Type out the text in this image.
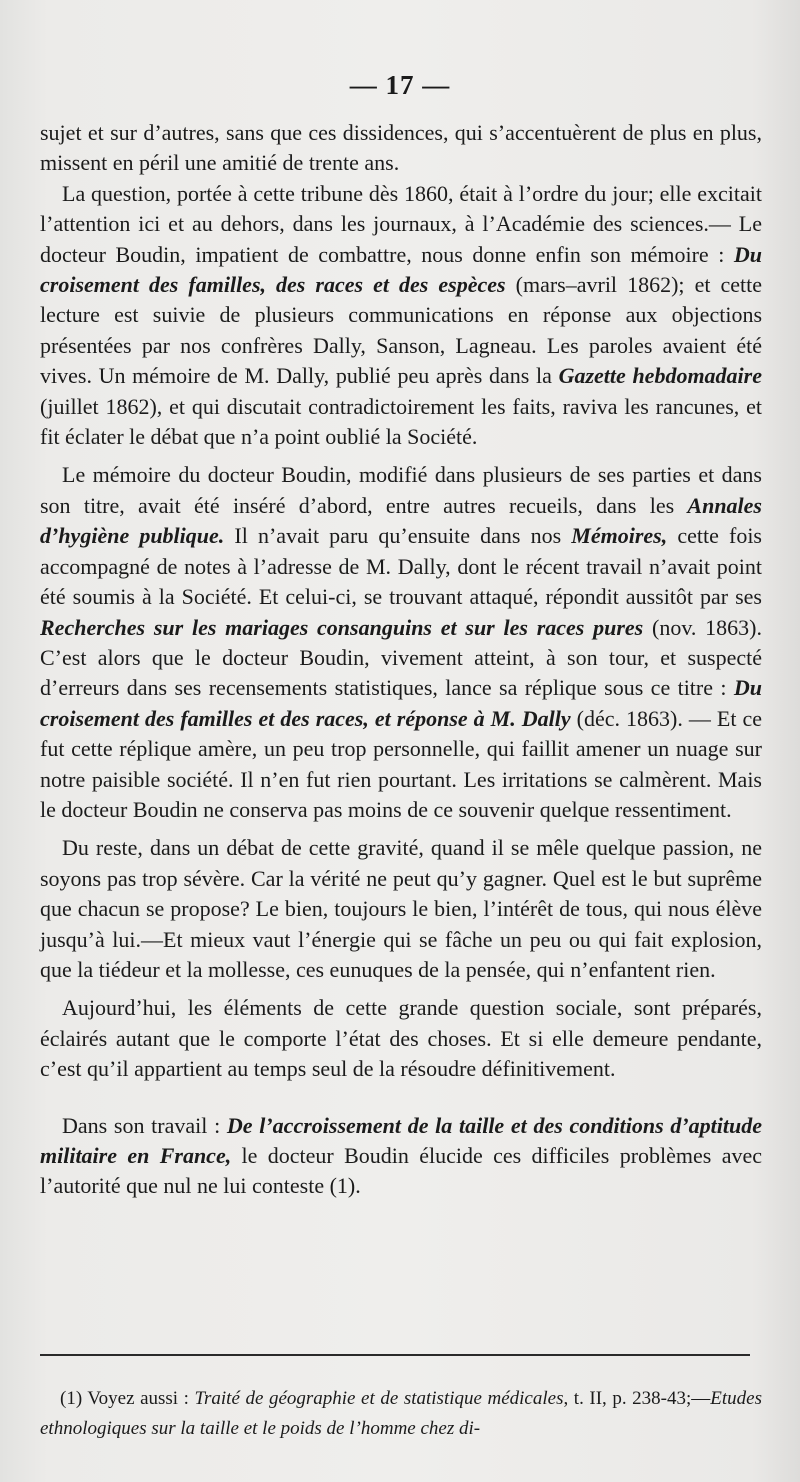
— 17 —

sujet et sur d’autres, sans que ces dissidences, qui s’accentuèrent de plus en plus, missent en péril une amitié de trente ans.

La question, portée à cette tribune dès 1860, était à l’ordre du jour; elle excitait l’attention ici et au dehors, dans les journaux, à l’Académie des sciences.— Le docteur Boudin, impatient de combattre, nous donne enfin son mémoire : Du croisement des familles, des races et des espèces (mars–avril 1862); et cette lecture est suivie de plusieurs communications en réponse aux objections présentées par nos confrères Dally, Sanson, Lagneau. Les paroles avaient été vives. Un mémoire de M. Dally, publié peu après dans la Gazette hebdomadaire (juillet 1862), et qui discutait contradictoirement les faits, raviva les rancunes, et fit éclater le débat que n’a point oublié la Société.

Le mémoire du docteur Boudin, modifié dans plusieurs de ses parties et dans son titre, avait été inséré d’abord, entre autres recueils, dans les Annales d’hygiène publique. Il n’avait paru qu’ensuite dans nos Mémoires, cette fois accompagné de notes à l’adresse de M. Dally, dont le récent travail n’avait point été soumis à la Société. Et celui-ci, se trouvant attaqué, répondit aussitôt par ses Recherches sur les mariages consanguins et sur les races pures (nov. 1863). C’est alors que le docteur Boudin, vivement atteint, à son tour, et suspecté d’erreurs dans ses recensements statistiques, lance sa réplique sous ce titre : Du croisement des familles et des races, et réponse à M. Dally (déc. 1863). — Et ce fut cette réplique amère, un peu trop personnelle, qui faillit amener un nuage sur notre paisible société. Il n’en fut rien pourtant. Les irritations se calmèrent. Mais le docteur Boudin ne conserva pas moins de ce souvenir quelque ressentiment.

Du reste, dans un débat de cette gravité, quand il se mêle quelque passion, ne soyons pas trop sévère. Car la vérité ne peut qu’y gagner. Quel est le but suprême que chacun se propose? Le bien, toujours le bien, l’intérêt de tous, qui nous élève jusqu’à lui.—Et mieux vaut l’énergie qui se fâche un peu ou qui fait explosion, que la tiédeur et la mollesse, ces eunuques de la pensée, qui n’enfantent rien.

Aujourd’hui, les éléments de cette grande question sociale, sont préparés, éclairés autant que le comporte l’état des choses. Et si elle demeure pendante, c’est qu’il appartient au temps seul de la résoudre définitivement.

Dans son travail : De l’accroissement de la taille et des conditions d’aptitude militaire en France, le docteur Boudin élucide ces difficiles problèmes avec l’autorité que nul ne lui conteste (1).

(1) Voyez aussi : Traité de géographie et de statistique médicales, t. II, p. 238-43;—Etudes ethnologiques sur la taille et le poids de l’homme chez di-
